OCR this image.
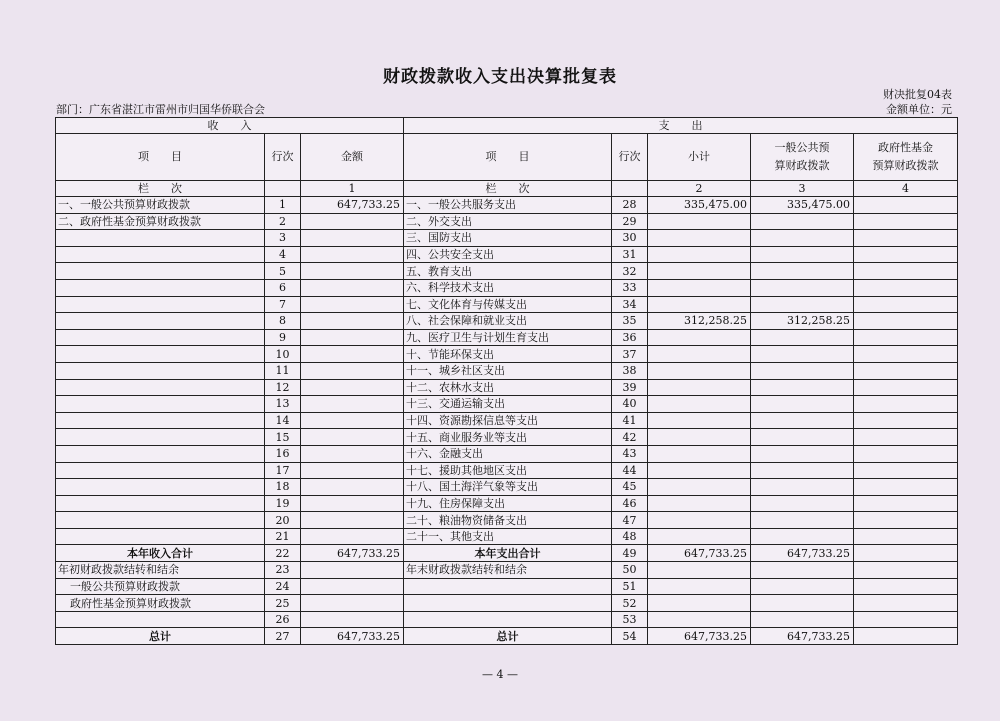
财政拨款收入支出决算批复表
财决批复04表
金额单位：元
部门：广东省湛江市雷州市归国华侨联合会
收　　入			支　　出				
项　　目	行次	金额	项　　目	行次	小计	一般公共预
算财政拨款	政府性基金
预算财政拨款
栏　　次		1	栏　　次		2	3	4
一、一般公共预算财政拨款	1	647,733.25	一、一般公共服务支出	28	335,475.00	335,475.00	
二、政府性基金预算财政拨款	2		二、外交支出	29			
	3		三、国防支出	30			
	4		四、公共安全支出	31			
	5		五、教育支出	32			
	6		六、科学技术支出	33			
	7		七、文化体育与传媒支出	34			
	8		八、社会保障和就业支出	35	312,258.25	312,258.25	
	9		九、医疗卫生与计划生育支出	36			
	10		十、节能环保支出	37			
	11		十一、城乡社区支出	38			
	12		十二、农林水支出	39			
	13		十三、交通运输支出	40			
	14		十四、资源勘探信息等支出	41			
	15		十五、商业服务业等支出	42			
	16		十六、金融支出	43			
	17		十七、援助其他地区支出	44			
	18		十八、国土海洋气象等支出	45			
	19		十九、住房保障支出	46			
	20		二十、粮油物资储备支出	47			
	21		二十一、其他支出	48			
本年收入合计	22	647,733.25	本年支出合计	49	647,733.25	647,733.25	
年初财政拨款结转和结余	23		年末财政拨款结转和结余	50			
一般公共预算财政拨款	24			51			
政府性基金预算财政拨款	25			52			
	26			53			
总计	27	647,733.25	总计	54	647,733.25	647,733.25	
— 4 —
